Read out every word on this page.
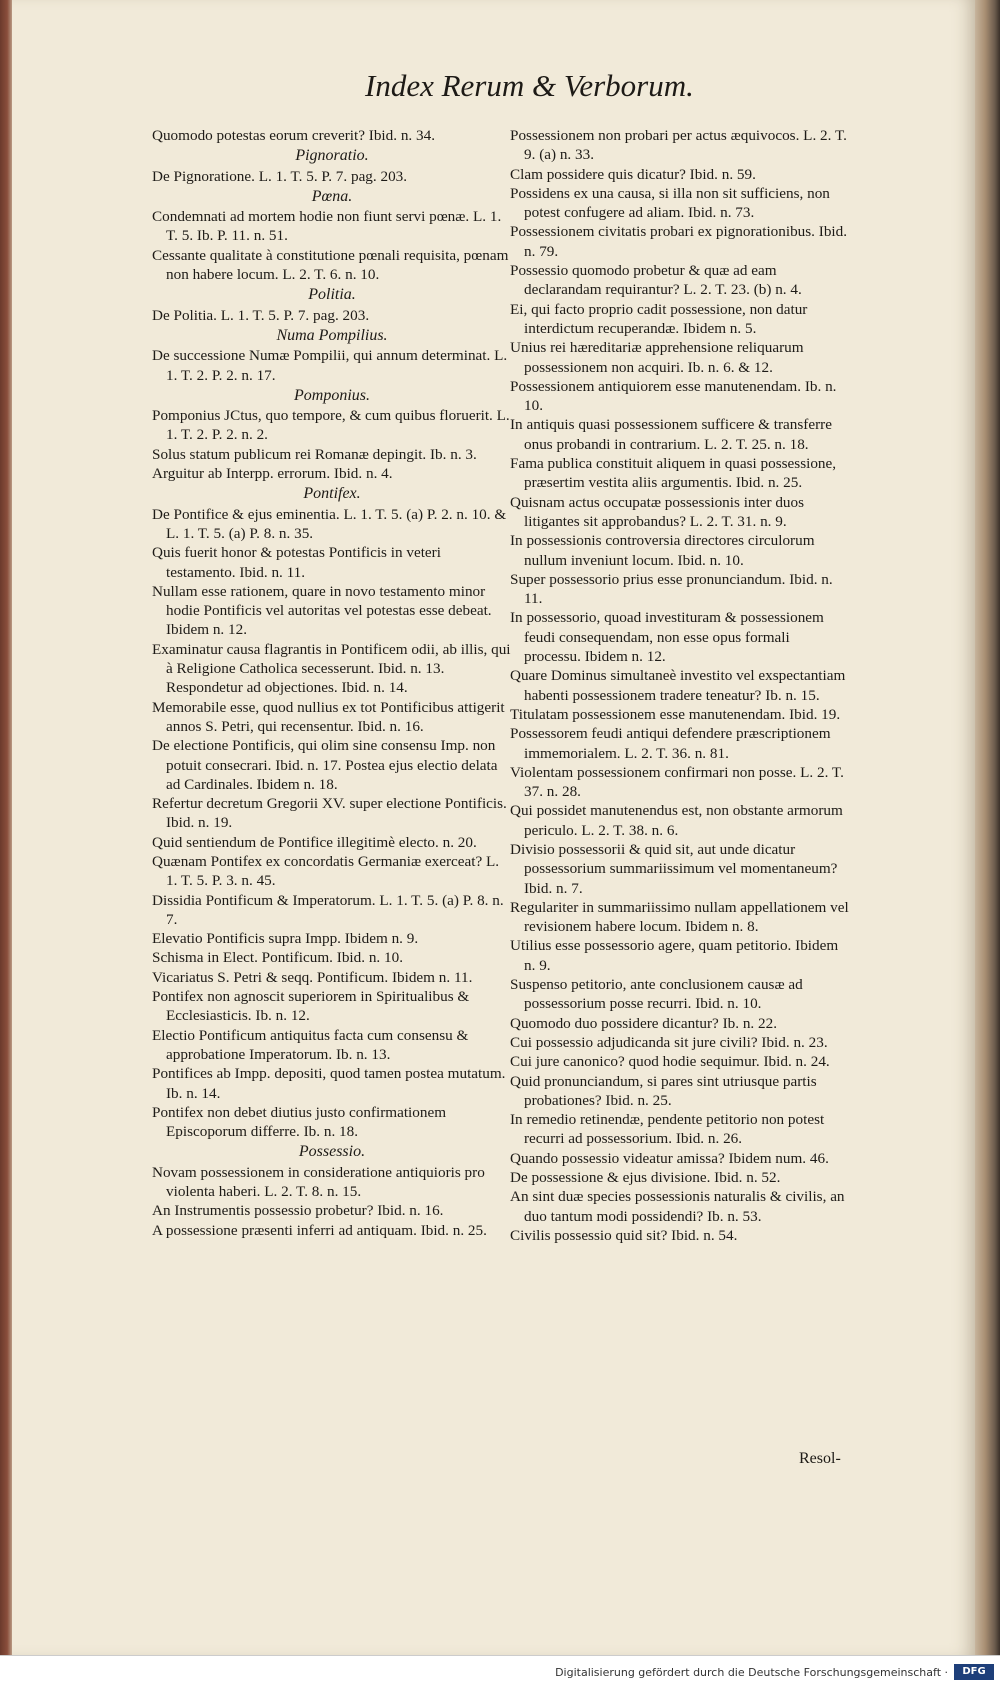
Index Rerum & Verborum.
Quomodo potestas eorum creverit? Ibid. n. 34.
Pignoratio.
De Pignoratione. L. 1. T. 5. P. 7. pag. 203.
Pœna.
Condemnati ad mortem hodie non fiunt servi pœnæ. L. 1. T. 5. Ib. P. 11. n. 51.
Cessante qualitate à constitutione pœnali requisita, pœnam non habere locum. L. 2. T. 6. n. 10.
Politia.
De Politia. L. 1. T. 5. P. 7. pag. 203.
Numa Pompilius.
De successione Numæ Pompilii, qui annum determinat. L. 1. T. 2. P. 2. n. 17.
Pomponius.
Pomponius JCtus, quo tempore, & cum quibus floruerit. L. 1. T. 2. P. 2. n. 2.
Solus statum publicum rei Romanæ depingit. Ib. n. 3.
Arguitur ab Interpp. errorum. Ibid. n. 4.
Pontifex.
De Pontifice & ejus eminentia. L. 1. T. 5. (a) P. 2. n. 10. & L. 1. T. 5. (a) P. 8. n. 35.
Quis fuerit honor & potestas Pontificis in veteri testamento. Ibid. n. 11.
Nullam esse rationem, quare in novo testamento minor hodie Pontificis vel autoritas vel potestas esse debeat. Ibidem n. 12.
Examinatur causa flagrantis in Pontificem odii, ab illis, qui à Religione Catholica secesserunt. Ibid. n. 13. Respondetur ad objectiones. Ibid. n. 14.
Memorabile esse, quod nullius ex tot Pontificibus attigerit annos S. Petri, qui recensentur. Ibid. n. 16.
De electione Pontificis, qui olim sine consensu Imp. non potuit consecrari. Ibid. n. 17. Postea ejus electio delata ad Cardinales. Ibidem n. 18.
Refertur decretum Gregorii XV. super electione Pontificis. Ibid. n. 19.
Quid sentiendum de Pontifice illegitimè electo. n. 20.
Quænam Pontifex ex concordatis Germaniæ exerceat? L. 1. T. 5. P. 3. n. 45.
Dissidia Pontificum & Imperatorum. L. 1. T. 5. (a) P. 8. n. 7.
Elevatio Pontificis supra Impp. Ibidem n. 9.
Schisma in Elect. Pontificum. Ibid. n. 10.
Vicariatus S. Petri & seqq. Pontificum. Ibidem n. 11.
Pontifex non agnoscit superiorem in Spiritualibus & Ecclesiasticis. Ib. n. 12.
Electio Pontificum antiquitus facta cum consensu & approbatione Imperatorum. Ib. n. 13.
Pontifices ab Impp. depositi, quod tamen postea mutatum. Ib. n. 14.
Pontifex non debet diutius justo confirmationem Episcoporum differre. Ib. n. 18.
Possessio.
Novam possessionem in consideratione antiquioris pro violenta haberi. L. 2. T. 8. n. 15.
An Instrumentis possessio probetur? Ibid. n. 16.
A possessione præsenti inferri ad antiquam. Ibid. n. 25.
Possessionem non probari per actus æquivocos. L. 2. T. 9. (a) n. 33.
Clam possidere quis dicatur? Ibid. n. 59.
Possidens ex una causa, si illa non sit sufficiens, non potest confugere ad aliam. Ibid. n. 73.
Possessionem civitatis probari ex pignorationibus. Ibid. n. 79.
Possessio quomodo probetur & quæ ad eam declarandam requirantur? L. 2. T. 23. (b) n. 4.
Ei, qui facto proprio cadit possessione, non datur interdictum recuperandæ. Ibidem n. 5.
Unius rei hæreditariæ apprehensione reliquarum possessionem non acquiri. Ib. n. 6. & 12.
Possessionem antiquiorem esse manutenendam. Ib. n. 10.
In antiquis quasi possessionem sufficere & transferre onus probandi in contrarium. L. 2. T. 25. n. 18.
Fama publica constituit aliquem in quasi possessione, præsertim vestita aliis argumentis. Ibid. n. 25.
Quisnam actus occupatæ possessionis inter duos litigantes sit approbandus? L. 2. T. 31. n. 9.
In possessionis controversia directores circulorum nullum inveniunt locum. Ibid. n. 10.
Super possessorio prius esse pronunciandum. Ibid. n. 11.
In possessorio, quoad investituram & possessionem feudi consequendam, non esse opus formali processu. Ibidem n. 12.
Quare Dominus simultaneè investito vel exspectantiam habenti possessionem tradere teneatur? Ib. n. 15.
Titulatam possessionem esse manutenendam. Ibid. 19.
Possessorem feudi antiqui defendere præscriptionem immemorialem. L. 2. T. 36. n. 81.
Violentam possessionem confirmari non posse. L. 2. T. 37. n. 28.
Qui possidet manutenendus est, non obstante armorum periculo. L. 2. T. 38. n. 6.
Divisio possessorii & quid sit, aut unde dicatur possessorium summariissimum vel momentaneum? Ibid. n. 7.
Regulariter in summariissimo nullam appellationem vel revisionem habere locum. Ibidem n. 8.
Utilius esse possessorio agere, quam petitorio. Ibidem n. 9.
Suspenso petitorio, ante conclusionem causæ ad possessorium posse recurri. Ibid. n. 10.
Quomodo duo possidere dicantur? Ib. n. 22.
Cui possessio adjudicanda sit jure civili? Ibid. n. 23.
Cui jure canonico? quod hodie sequimur. Ibid. n. 24.
Quid pronunciandum, si pares sint utriusque partis probationes? Ibid. n. 25.
In remedio retinendæ, pendente petitorio non potest recurri ad possessorium. Ibid. n. 26.
Quando possessio videatur amissa? Ibidem num. 46.
De possessione & ejus divisione. Ibid. n. 52.
An sint duæ species possessionis naturalis & civilis, an duo tantum modi possidendi? Ib. n. 53.
Civilis possessio quid sit? Ibid. n. 54.
Resol-
Digitalisierung gefördert durch die Deutsche Forschungsgemeinschaft ·	DFG
